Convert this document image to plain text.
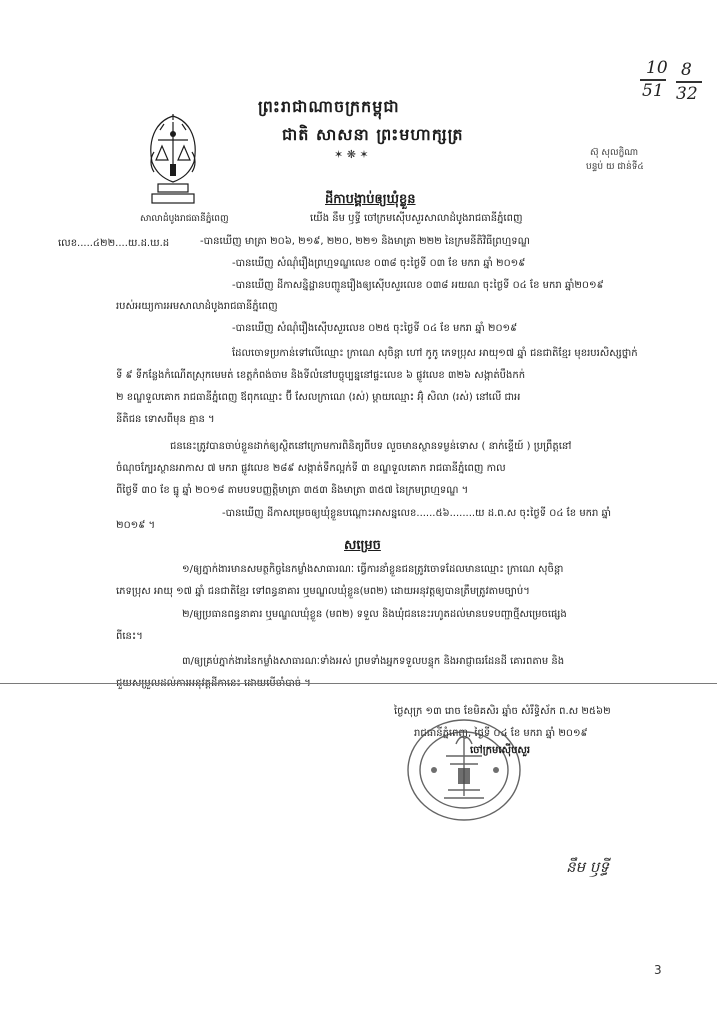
10
51
8
32
ព្រះរាជាណាចក្រកម្ពុជា
ជាតិ សាសនា ព្រះមហាក្សត្រ
✶ ❋ ✶
សាលាដំបូងរាជធានីភ្នំពេញ
ស៊ុ សុលក្ខិណា
បន្ទប់ យ ជាន់ទី៤
ដីកាបង្គាប់ឲ្យឃុំខ្លួន
លេខ.....៤២២....យ.ដ.ឃ.ដ
យើង នឹម ឫទ្ធី ចៅក្រមស៊ើបសួរសាលាដំបូងរាជធានីភ្នំពេញ
-បានឃើញ មាត្រា ២០៦, ២១៩, ២២០, ២២១ និងមាត្រា ២២២ នៃក្រមនីតិវិធីព្រហ្មទណ្ឌ
-បានឃើញ សំណុំរឿងព្រហ្មទណ្ឌលេខ ០៣៨ ចុះថ្ងៃទី ០៣ ខែ មករា ឆ្នាំ ២០១៩
-បានឃើញ ដីកាសន្និដ្ឋានបញ្ជូនរឿងឲ្យស៊ើបសួរលេខ ០៣៨ អយណ ចុះថ្ងៃទី ០៤ ខែ មករា ឆ្នាំ២០១៩
របស់អយ្យការអមសាលាដំបូងរាជធានីភ្នំពេញ
-បានឃើញ សំណុំរឿងស៊ើបសួរលេខ ០២៥ ចុះថ្ងៃទី ០៤ ខែ មករា ឆ្នាំ ២០១៩
ដែលចោទប្រកាន់ទៅលើឈ្មោះ ក្រាណេ សុចិន្តា ហៅ កូកូ ភេទប្រុស អាយុ១៧ ឆ្នាំ ជនជាតិខ្មែរ មុខរបរសិស្សថ្នាក់
ទី ៩ ទីកន្លែងកំណើតស្រុកមេមត់ ខេត្តកំពង់ចាម និងទីលំនៅបច្ចុប្បន្ននៅផ្ទះលេខ ៦ ផ្លូវលេខ ៣២៦ សង្កាត់បឹងកក់
២ ខណ្ឌទួលគោក រាជធានីភ្នំពេញ ឪពុកឈ្មោះ ប៊ី សែលក្រាណេ (រស់) ម្ដាយឈ្មោះ អ៊ុំ សិលា (រស់) នៅលើ ជាអ
នីតិជន ទោសពីមុន គ្មាន ។
ជននេះត្រូវបានចាប់ខ្លួនដាក់ឲ្យស្ថិតនៅក្រោមការពិនិត្យពីបទ លួចមានស្ថានទម្ងន់ទោស ( នាក់ខ្ទើយ៍ ) ប្រព្រឹត្តនៅ
ចំណុចក្បែរស្ថានអាកាស ៧ មករា ផ្លូវលេខ ២៨៩ សង្កាត់ទឹកល្អក់ទី ៣ ខណ្ឌទួលគោក រាជធានីភ្នំពេញ កាល
ពីថ្ងៃទី ៣០ ខែ ធ្នូ ឆ្នាំ ២០១៨ តាមបទបញ្ញត្តិមាត្រា ៣៥៣ និងមាត្រា ៣៥៧ នៃក្រមព្រហ្មទណ្ឌ ។
-បានឃើញ ដីកាសម្រេចឲ្យឃុំខ្លួនបណ្ដោះអាសន្នលេខ......៥៦........យ ដ.ព.ស ចុះថ្ងៃទី ០៤ ខែ មករា ឆ្នាំ
២០១៩ ។
សម្រេច
១/ឲ្យភ្នាក់ងារមានសមត្ថកិច្ចនៃកម្លាំងសាធារណៈ ធ្វើការនាំខ្លួនជនត្រូវចោទដែលមានឈ្មោះ ក្រាណេ សុចិន្តា
ភេទប្រុស អាយុ ១៧ ឆ្នាំ ជនជាតិខ្មែរ ទៅពន្ធនាគារ ឬមណ្ឌលឃុំខ្លួន(មព២) ដោយអនុវត្តឲ្យបានត្រឹមត្រូវតាមច្បាប់។
២/ឲ្យប្រធានពន្ធនាគារ ឬមណ្ឌលឃុំខ្លួន (មព២) ទទួល និងឃុំជននេះរហូតដល់មានបទបញ្ជាថ្មីសម្រេចផ្សេង
ពីនេះ។
៣/ឲ្យគ្រប់ភ្នាក់ងារនៃកម្លាំងសាធារណៈទាំងអស់ ព្រមទាំងអ្នកទទួលបន្ទុក និងអាជ្ញាធរដែនដី គោរពតាម និង
ថ្ងៃសុក្រ ១៣ រោច ខែមិគសិរ ឆ្នាំច សំរឹទ្ធិស័ក ព.ស ២៥៦២
រាជធានីភ្នំពេញ, ថ្ងៃទី ០៤ ខែ មករា ឆ្នាំ ២០១៩
ចៅក្រមស៊ើបសួរ
នឹម ឫទ្ធី
3
